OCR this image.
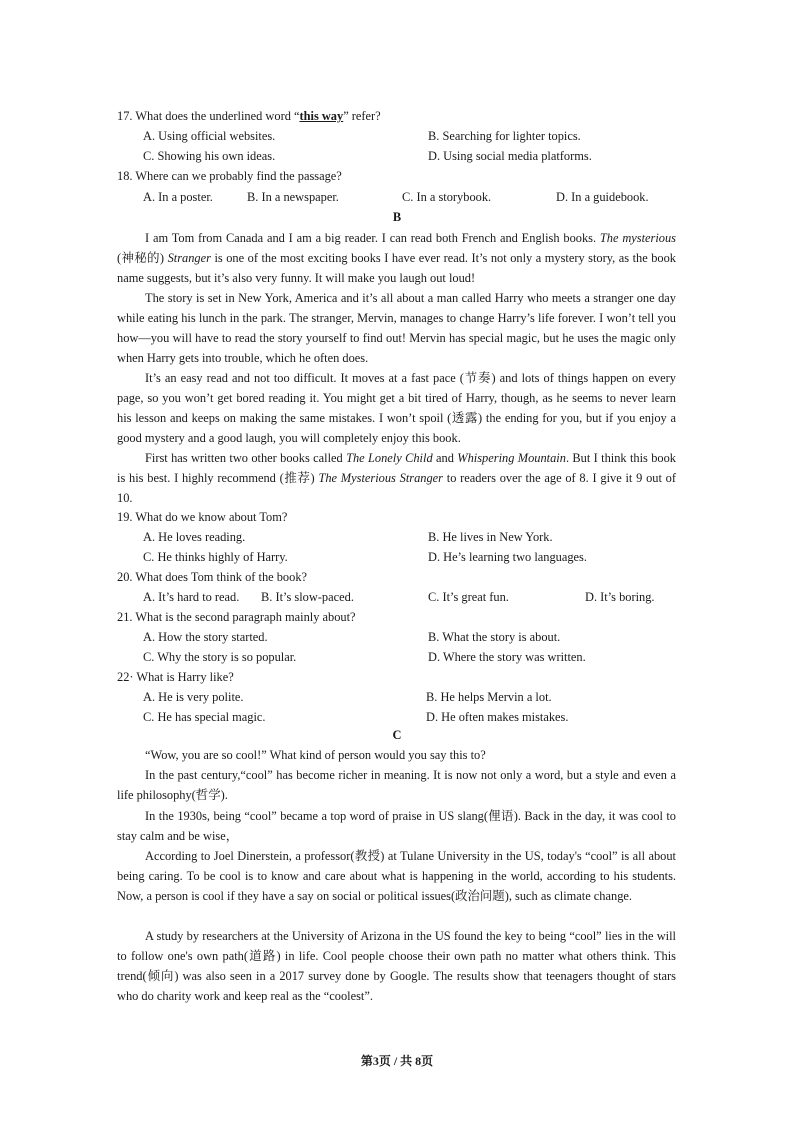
17. What does the underlined word “this way” refer?
A. Using official websites.	B. Searching for lighter topics.
C. Showing his own ideas.	D. Using social media platforms.
18. Where can we probably find the passage?
A. In a poster.	B. In a newspaper.	C. In a storybook.	D. In a guidebook.
B
I am Tom from Canada and I am a big reader. I can read both French and English books. The mysterious (神秘的) Stranger is one of the most exciting books I have ever read. It’s not only a mystery story, as the book name suggests, but it’s also very funny. It will make you laugh out loud!
The story is set in New York, America and it’s all about a man called Harry who meets a stranger one day while eating his lunch in the park. The stranger, Mervin, manages to change Harry’s life forever. I won’t tell you how—you will have to read the story yourself to find out! Mervin has special magic, but he uses the magic only when Harry gets into trouble, which he often does.
It’s an easy read and not too difficult. It moves at a fast pace (节奏) and lots of things happen on every page, so you won’t get bored reading it. You might get a bit tired of Harry, though, as he seems to never learn his lesson and keeps on making the same mistakes. I won’t spoil (透露) the ending for you, but if you enjoy a good mystery and a good laugh, you will completely enjoy this book.
First has written two other books called The Lonely Child and Whispering Mountain. But I think this book is his best. I highly recommend (推荐) The Mysterious Stranger to readers over the age of 8. I give it 9 out of 10.
19. What do we know about Tom?
A. He loves reading.	B. He lives in New York.
C. He thinks highly of Harry.	D. He’s learning two languages.
20. What does Tom think of the book?
A. It’s hard to read. B. It’s slow-paced.	C. It’s great fun.	D. It’s boring.
21. What is the second paragraph mainly about?
A. How the story started.	B. What the story is about.
C. Why the story is so popular.	D. Where the story was written.
22· What is Harry like?
A. He is very polite.	B. He helps Mervin a lot.
C. He has special magic.	D. He often makes mistakes.
C
“Wow, you are so cool!” What kind of person would you say this to?
In the past century,“cool” has become richer in meaning. It is now not only a word, but a style and even a life philosophy(哲学).
In the 1930s, being “cool” became a top word of praise in US slang(俚语). Back in the day, it was cool to stay calm and be wise，
According to Joel Dinerstein, a professor(教授) at Tulane University in the US, today's “cool” is all about being caring. To be cool is to know and care about what is happening in the world, according to his students. Now, a person is cool if they have a say on social or political issues(政治问题), such as climate change.
A study by researchers at the University of Arizona in the US found the key to being “cool” lies in the will to follow one's own path(道路) in life. Cool people choose their own path no matter what others think. This trend(倾向) was also seen in a 2017 survey done by Google. The results show that teenagers thought of stars who do charity work and keep real as the “coolest”.
第3页 / 共 8页
